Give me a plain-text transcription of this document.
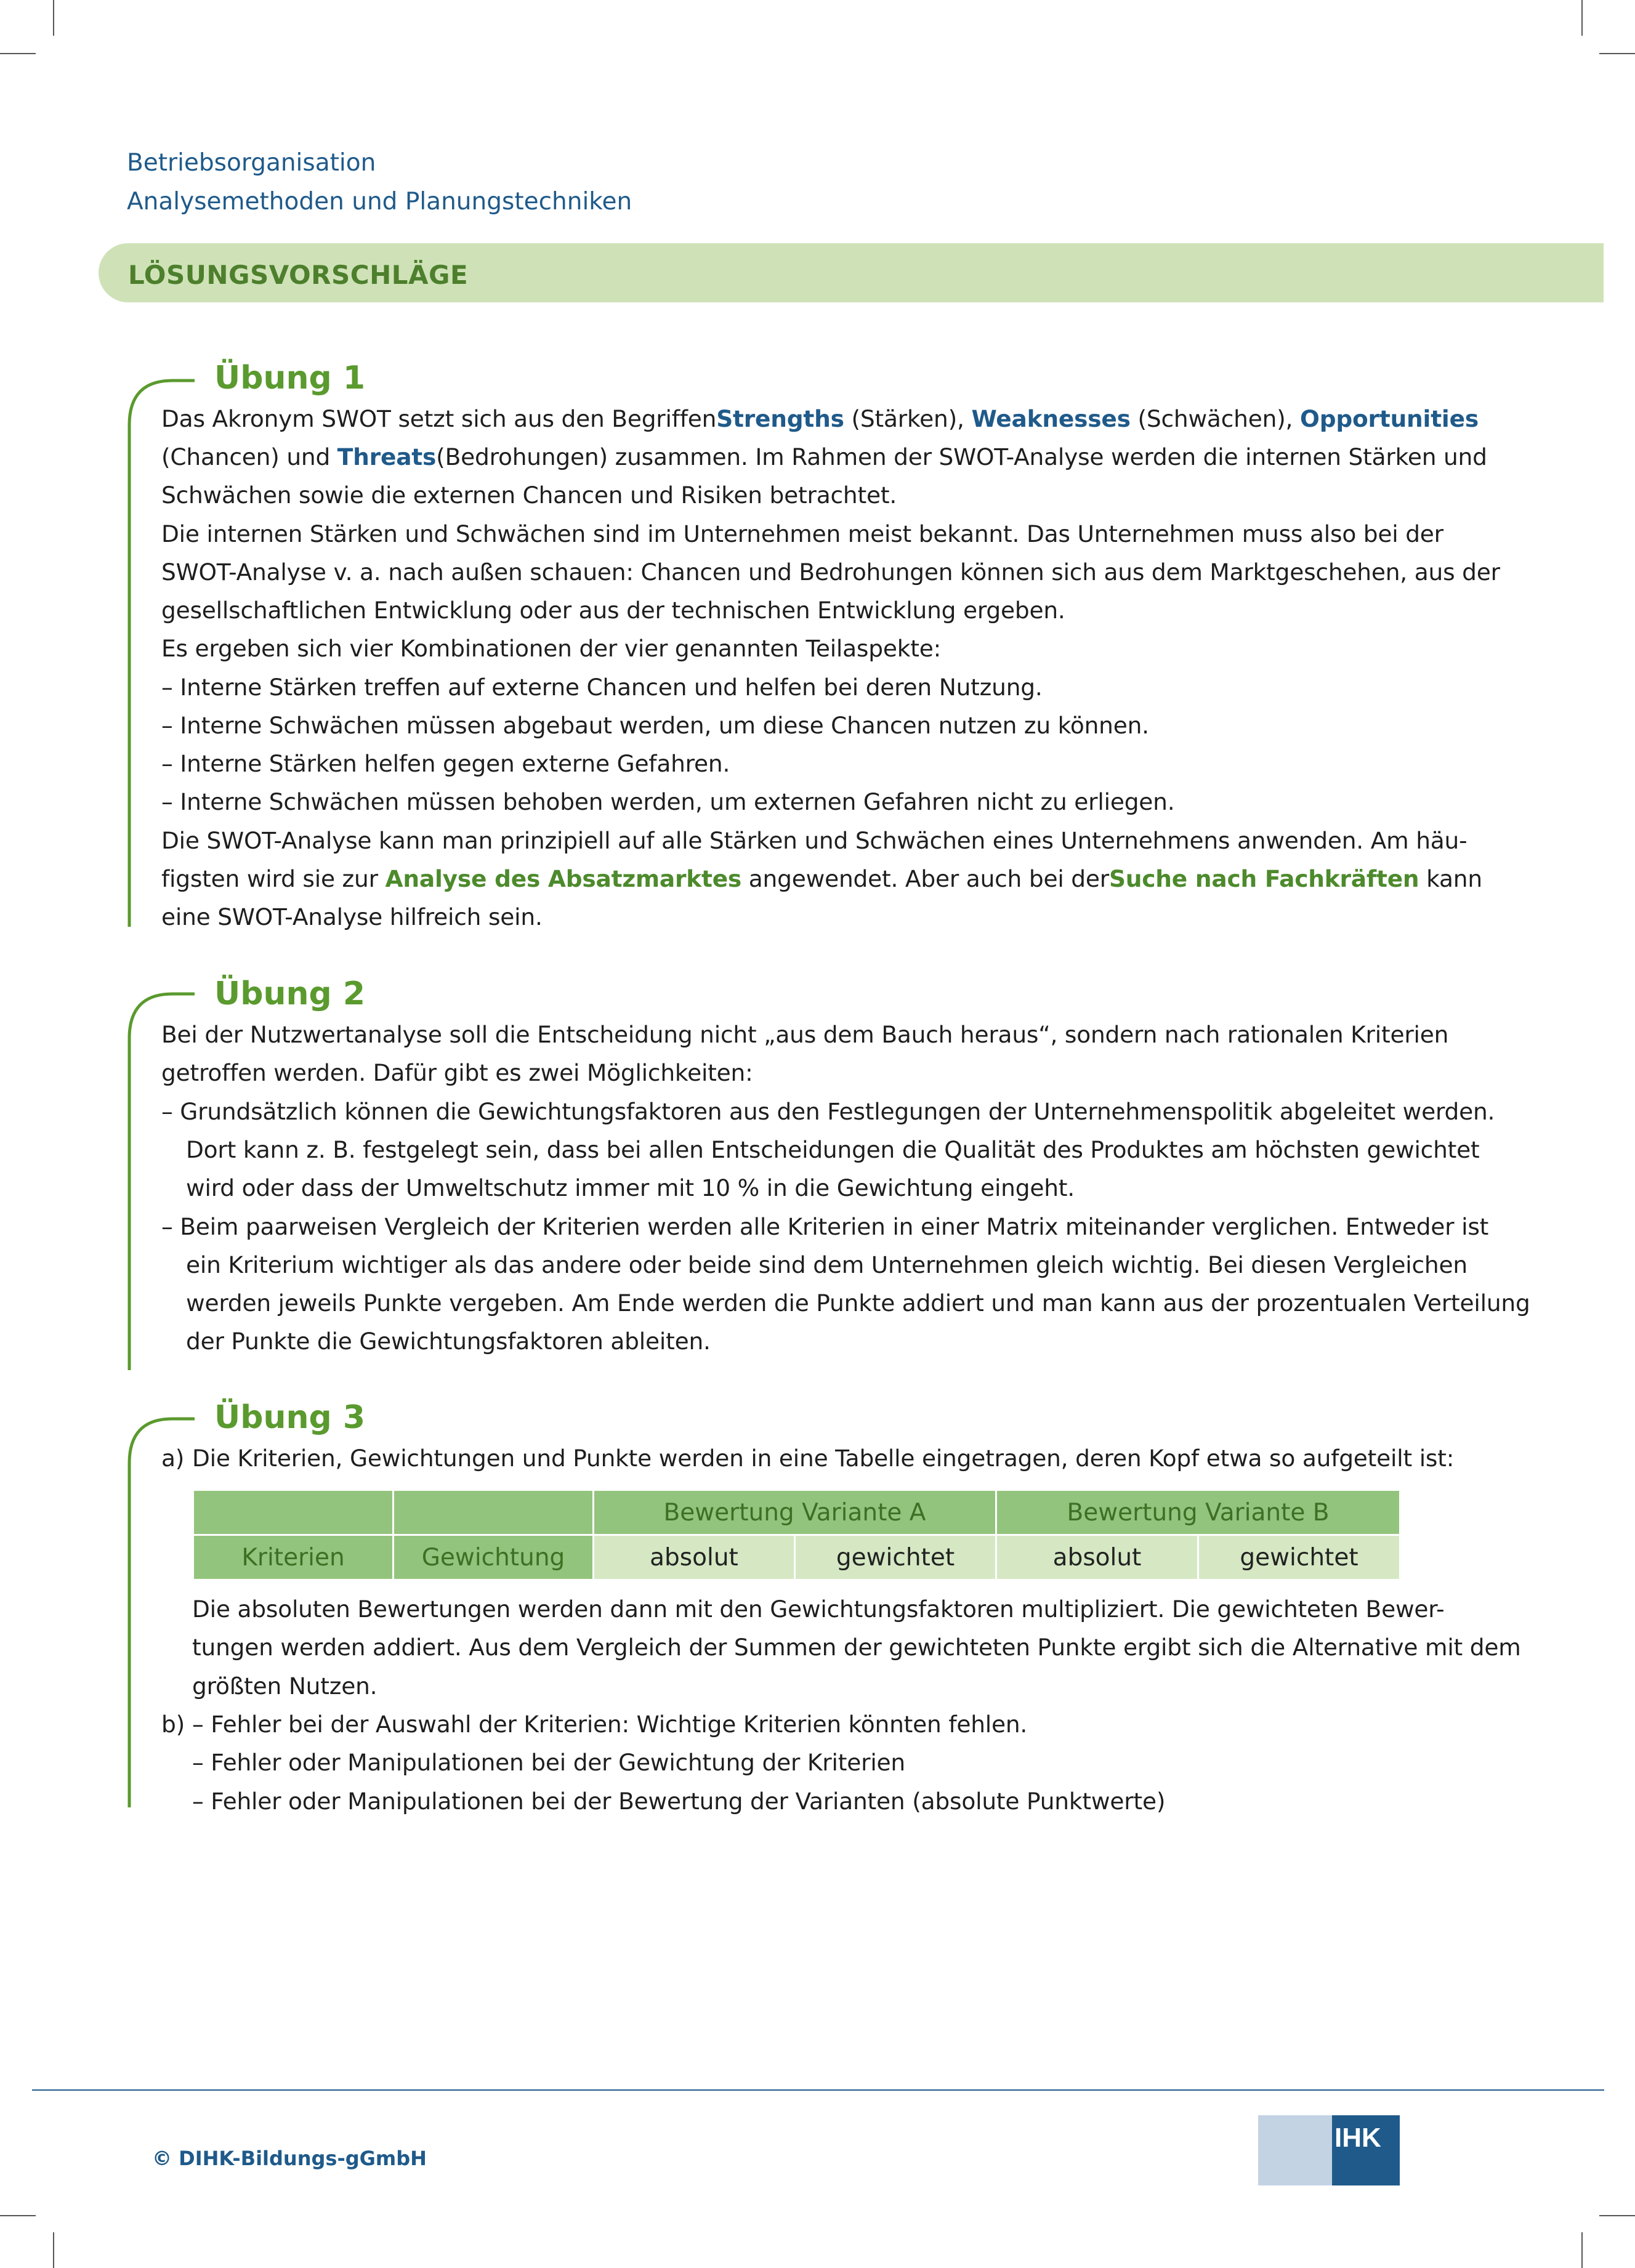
Betriebsorganisation
Analysemethoden und Planungstechniken
LÖSUNGSVORSCHLÄGE
Übung 1
Das Akronym SWOT setzt sich aus den Begriffen Strengths (Stärken), Weaknesses (Schwächen), Opportunities
(Chancen) und Threats (Bedrohungen) zusammen. Im Rahmen der SWOT-Analyse werden die internen Stärken und
Schwächen sowie die externen Chancen und Risiken betrachtet.
Die internen Stärken und Schwächen sind im Unternehmen meist bekannt. Das Unternehmen muss also bei der
SWOT-Analyse v. a. nach außen schauen: Chancen und Bedrohungen können sich aus dem Marktgeschehen, aus der
gesellschaftlichen Entwicklung oder aus der technischen Entwicklung ergeben.
Es ergeben sich vier Kombinationen der vier genannten Teilaspekte:
– Interne Stärken treffen auf externe Chancen und helfen bei deren Nutzung.
– Interne Schwächen müssen abgebaut werden, um diese Chancen nutzen zu können.
– Interne Stärken helfen gegen externe Gefahren.
– Interne Schwächen müssen behoben werden, um externen Gefahren nicht zu erliegen.
Die SWOT-Analyse kann man prinzipiell auf alle Stärken und Schwächen eines Unternehmens anwenden. Am häu-
figsten wird sie zur Analyse des Absatzmarktes angewendet. Aber auch bei der Suche nach Fachkräften kann
eine SWOT-Analyse hilfreich sein.
Übung 2
Bei der Nutzwertanalyse soll die Entscheidung nicht „aus dem Bauch heraus“, sondern nach rationalen Kriterien
getroffen werden. Dafür gibt es zwei Möglichkeiten:
– Grundsätzlich können die Gewichtungsfaktoren aus den Festlegungen der Unternehmenspolitik abgeleitet werden.
Dort kann z. B. festgelegt sein, dass bei allen Entscheidungen die Qualität des Produktes am höchsten gewichtet
wird oder dass der Umweltschutz immer mit 10 % in die Gewichtung eingeht.
– Beim paarweisen Vergleich der Kriterien werden alle Kriterien in einer Matrix miteinander verglichen. Entweder ist
ein Kriterium wichtiger als das andere oder beide sind dem Unternehmen gleich wichtig. Bei diesen Vergleichen
werden jeweils Punkte vergeben. Am Ende werden die Punkte addiert und man kann aus der prozentualen Verteilung
der Punkte die Gewichtungsfaktoren ableiten.
Übung 3
a) Die Kriterien, Gewichtungen und Punkte werden in eine Tabelle eingetragen, deren Kopf etwa so aufgeteilt ist:
		Bewertung Variante A		Bewertung Variante B	
Kriterien	Gewichtung	absolut	gewichtet	absolut	gewichtet
Die absoluten Bewertungen werden dann mit den Gewichtungsfaktoren multipliziert. Die gewichteten Bewer-
tungen werden addiert. Aus dem Vergleich der Summen der gewichteten Punkte ergibt sich die Alternative mit dem
größten Nutzen.
b) – Fehler bei der Auswahl der Kriterien: Wichtige Kriterien könnten fehlen.
– Fehler oder Manipulationen bei der Gewichtung der Kriterien
– Fehler oder Manipulationen bei der Bewertung der Varianten (absolute Punktwerte)
© DIHK-Bildungs-gGmbH
IHK
